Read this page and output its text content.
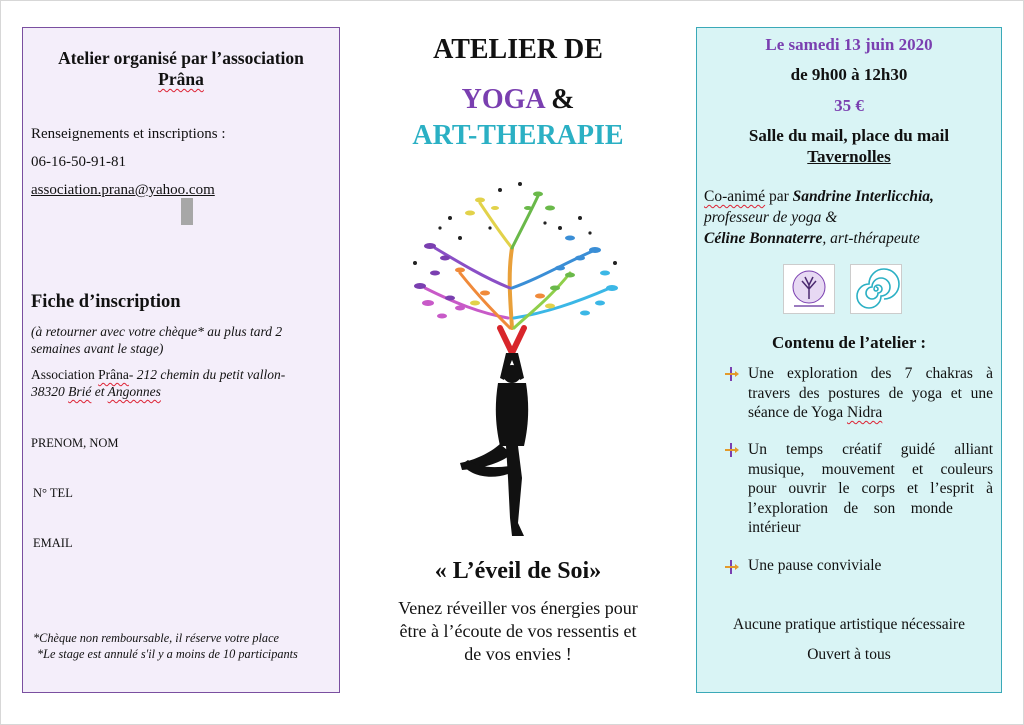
Atelier organisé par l’association
Prâna
Renseignements et inscriptions :
06-16-50-91-81
association.prana@yahoo.com
Fiche d’inscription
(à retourner avec votre chèque* au plus tard 2
semaines avant le stage)
Association Prâna- 212 chemin du petit vallon-
38320 Brié et Angonnes
PRENOM, NOM
N° TEL
EMAIL
*Chèque non remboursable, il réserve votre place
*Le stage est annulé s'il y a moins de 10 participants
ATELIER DE
YOGA &
ART-THERAPIE
« L’éveil de Soi»
Venez réveiller vos énergies pour
être à l’écoute de vos ressentis et
de vos envies !
Le samedi 13 juin 2020
de 9h00 à 12h30
35 €
Salle du mail, place du mail
Tavernolles
Co-animé par Sandrine Interlicchia,
professeur de yoga &
Céline Bonnaterre, art-thérapeute
Contenu de l’atelier :
Une exploration des 7 chakras à
travers des postures de yoga et une
séance de Yoga Nidra
Un temps créatif guidé alliant
musique, mouvement et couleurs
pour ouvrir le corps et l’esprit à
l’exploration    de    son    monde
intérieur
Une pause conviviale
Aucune pratique artistique nécessaire
Ouvert à tous
